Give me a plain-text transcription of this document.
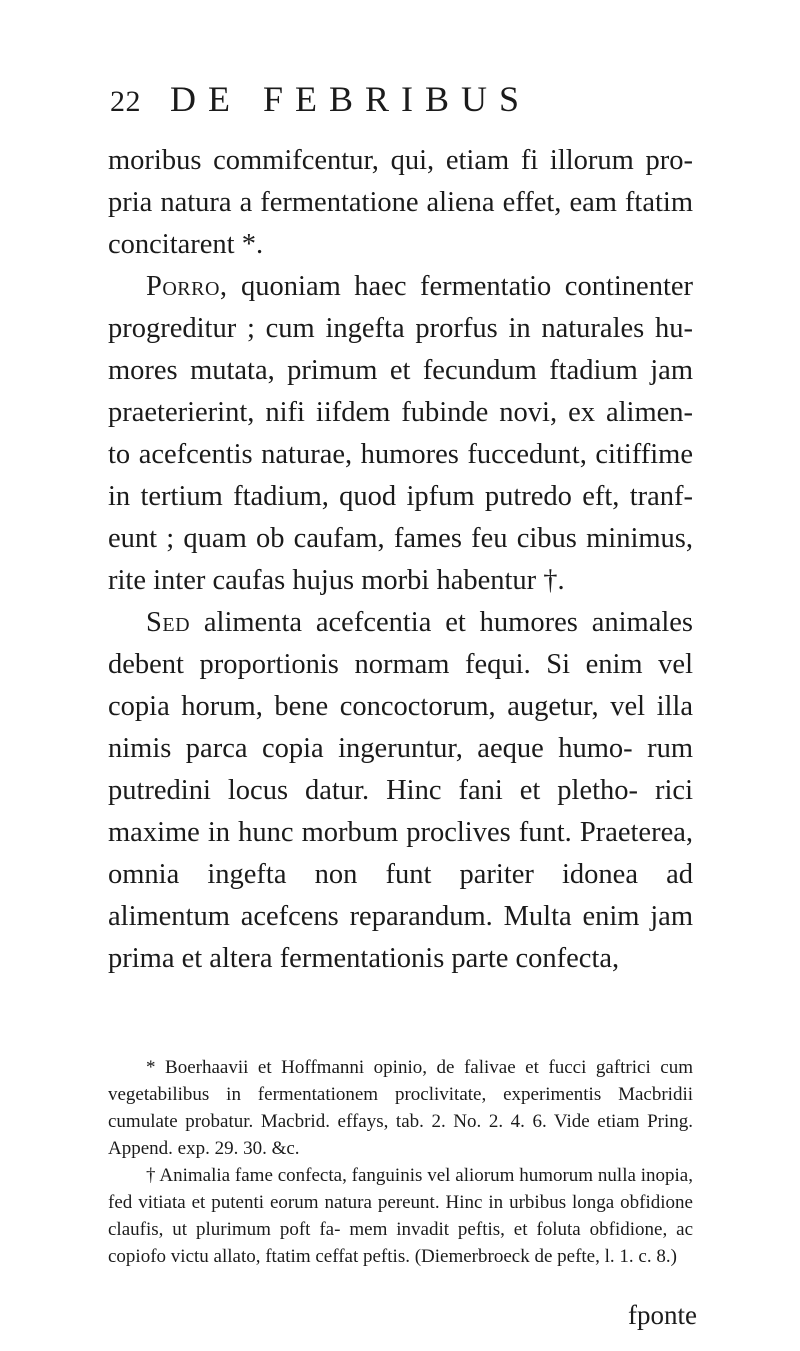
22 DE FEBRIBUS

moribus commifcentur, qui, etiam fi illorum pro- pria natura a fermentatione aliena effet, eam ftatim concitarent *.

Porro, quoniam haec fermentatio continenter progreditur ; cum ingefta prorfus in naturales hu- mores mutata, primum et fecundum ftadium jam praeterierint, nifi iifdem fubinde novi, ex alimen- to acefcentis naturae, humores fuccedunt, citiffime in tertium ftadium, quod ipfum putredo eft, tranf- eunt ; quam ob caufam, fames feu cibus minimus, rite inter caufas hujus morbi habentur †.

Sed alimenta acefcentia et humores animales debent proportionis normam fequi. Si enim vel copia horum, bene concoctorum, augetur, vel illa nimis parca copia ingeruntur, aeque humo- rum putredini locus datur. Hinc fani et pletho- rici maxime in hunc morbum proclives funt. Praeterea, omnia ingefta non funt pariter idonea ad alimentum acefcens reparandum. Multa enim jam prima et altera fermentationis parte confecta,

* Boerhaavii et Hoffmanni opinio, de falivae et fucci gaftrici cum vegetabilibus in fermentationem proclivitate, experimentis Macbridii cumulate probatur. Macbrid. effays, tab. 2. No. 2. 4. 6. Vide etiam Pring. Append. exp. 29. 30. &c.

† Animalia fame confecta, fanguinis vel aliorum humorum nulla inopia, fed vitiata et putenti eorum natura pereunt. Hinc in urbibus longa obfidione claufis, ut plurimum poft fa- mem invadit peftis, et foluta obfidione, ac copiofo victu allato, ftatim ceffat peftis. (Diemerbroeck de pefte, l. 1. c. 8.)

fponte
